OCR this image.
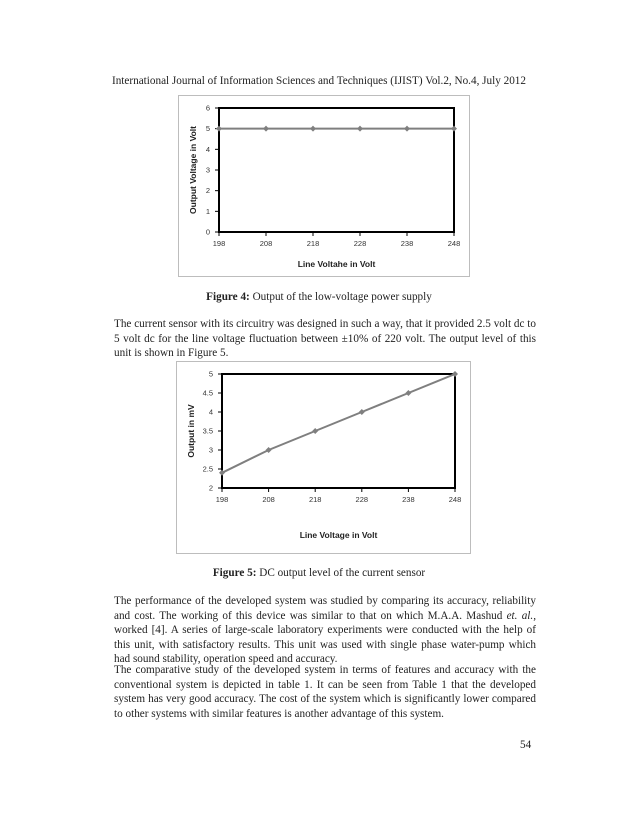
International Journal of Information Sciences and Techniques (IJIST) Vol.2, No.4, July 2012
0
1
2
3
4
5
6
198	208	218	228	238	248
Line Voltahe in Volt
Output Voltage in Volt
Figure 4: Output of the low-voltage power supply

The current sensor with its circuitry was designed in such a way, that it provided 2.5 volt dc to 5 volt dc for the line voltage fluctuation between ±10% of 220 volt. The output level of this unit is shown in Figure 5.

2
2.5
3
3.5
4
4.5
5
198	208	218	228	238	248
Line Voltage in Volt
Output in mV
Figure 5: DC output level of the current sensor

The performance of the developed system was studied by comparing its accuracy, reliability and cost. The working of this device was similar to that on which M.A.A. Mashud et. al., worked [4]. A series of large-scale laboratory experiments were conducted with the help of this unit, with satisfactory results. This unit was used with single phase water-pump which had sound stability, operation speed and accuracy.

The comparative study of the developed system in terms of features and accuracy with the conventional system is depicted in table 1. It can be seen from Table 1 that the developed system has very good accuracy. The cost of the system which is significantly lower compared to other systems with similar features is another advantage of this system.

54
